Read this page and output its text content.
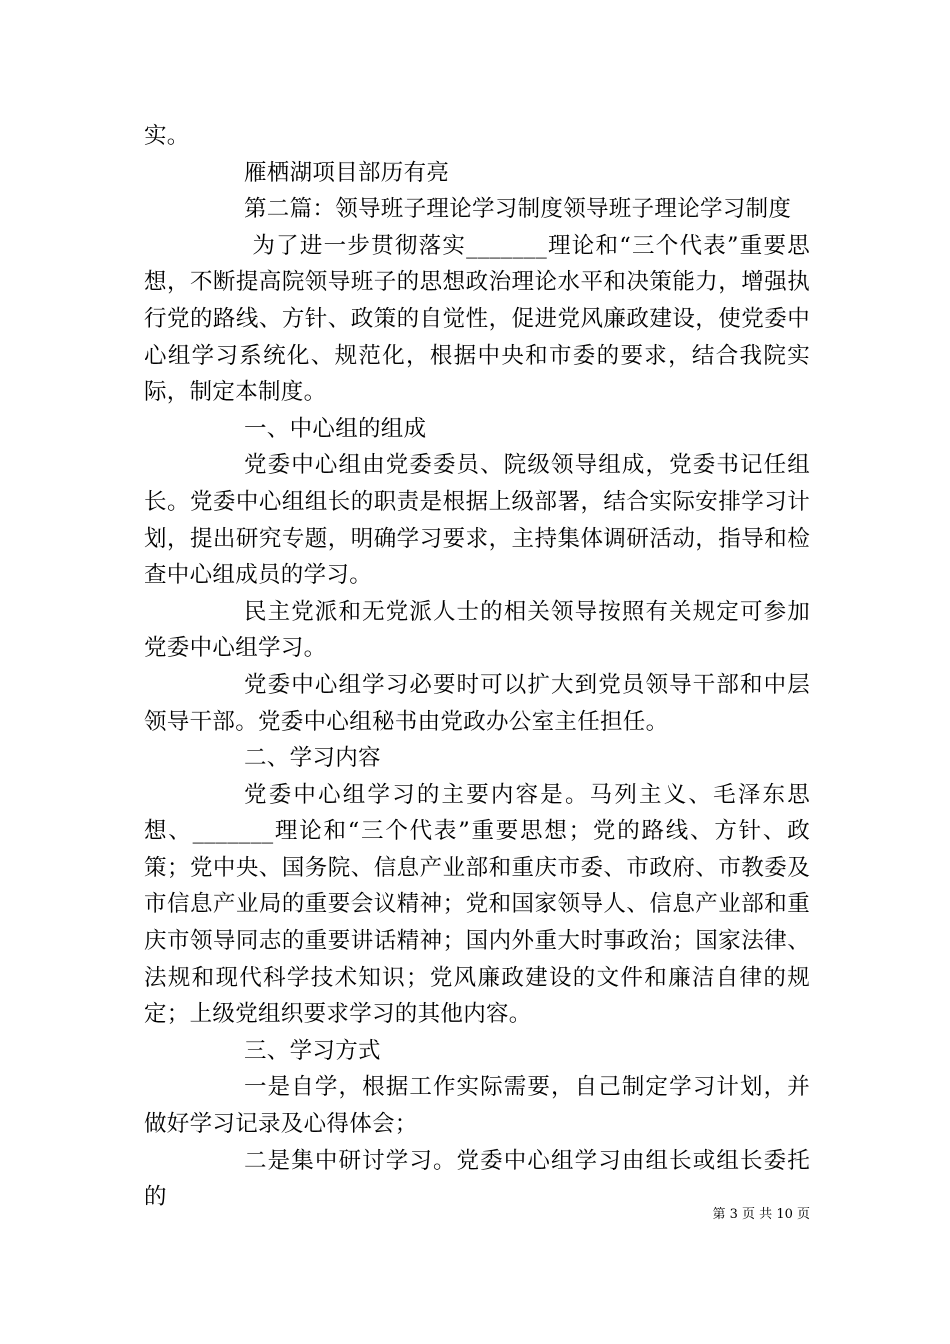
实。

雁栖湖项目部历有亮

第二篇：领导班子理论学习制度领导班子理论学习制度

为了进一步贯彻落实_______理论和“三个代表”重要思想，不断提高院领导班子的思想政治理论水平和决策能力，增强执行党的路线、方针、政策的自觉性，促进党风廉政建设，使党委中心组学习系统化、规范化，根据中央和市委的要求，结合我院实际，制定本制度。

一、中心组的组成

党委中心组由党委委员、院级领导组成，党委书记任组长。党委中心组组长的职责是根据上级部署，结合实际安排学习计划，提出研究专题，明确学习要求，主持集体调研活动，指导和检查中心组成员的学习。

民主党派和无党派人士的相关领导按照有关规定可参加党委中心组学习。

党委中心组学习必要时可以扩大到党员领导干部和中层领导干部。党委中心组秘书由党政办公室主任担任。

二、学习内容

党委中心组学习的主要内容是。马列主义、毛泽东思想、_______理论和“三个代表”重要思想；党的路线、方针、政策；党中央、国务院、信息产业部和重庆市委、市政府、市教委及市信息产业局的重要会议精神；党和国家领导人、信息产业部和重庆市领导同志的重要讲话精神；国内外重大时事政治；国家法律、法规和现代科学技术知识；党风廉政建设的文件和廉洁自律的规定；上级党组织要求学习的其他内容。

三、学习方式

一是自学，根据工作实际需要，自己制定学习计划，并做好学习记录及心得体会；

二是集中研讨学习。党委中心组学习由组长或组长委托的

第 3 页 共 10 页
